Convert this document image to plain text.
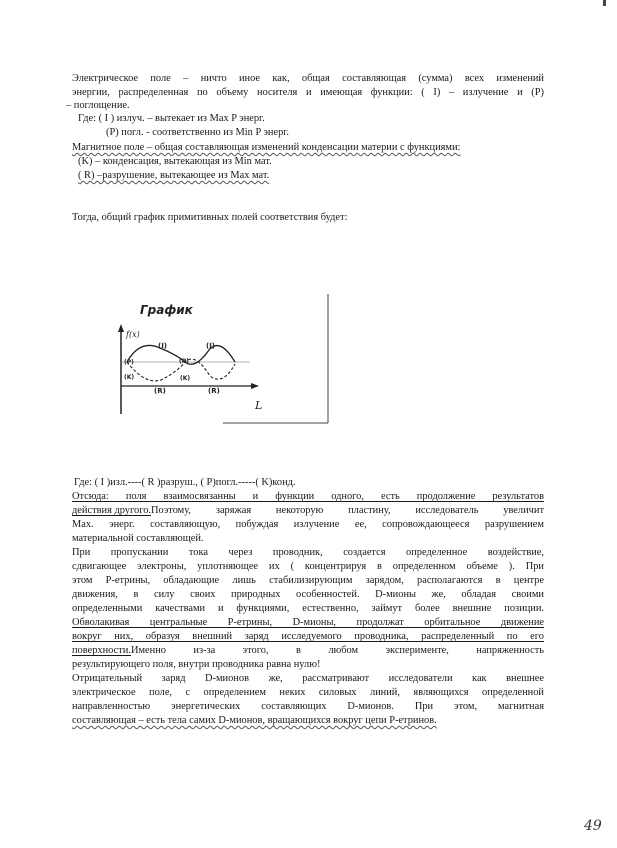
Электрическое поле – ничто иное как, общая составляющая (сумма) всех изменений
энергии, распределенная по объему носителя и имеющая функции: ( I) – излучение и (P)
– поглощение.
Где: ( I ) излуч. – вытекает из Max P энерг.
(P) погл. - соответственно из Min P энерг.
Магнитное поле – общая составляющая изменений конденсации материи с функциями:
(K) – конденсация, вытекающая из Min мат.
( R) –разрушение, вытекающее из Max мат.
Тогда, общий график примитивных полей соответствия будет:
График
f(x)
L
(I)	(I)
(P)	(P)
(K)	(K)
(R)	(R)
Где: ( I )изл.----( R )разруш., ( P)погл.-----( K)конд.
Отсюда: поля взаимосвязанны и функции одного, есть продолжение результатов
действия другого. Поэтому, заряжая некоторую пластину, исследователь увеличит
Max. энерг. составляющую, побуждая излучение ее, сопровождающееся разрушением
материальной составляющей.
При пропускании тока через проводник, создается определенное воздействие,
сдвигающее электроны, уплотняющее их ( концентрируя в определенном объеме ). При
этом P-етрины, обладающие лишь стабилизирующим зарядом, располагаются в центре
движения, в силу своих природных особенностей. D-мионы же, обладая своими
определенными качествами и функциями, естественно, займут более внешние позиции.
Обволакивая центральные P-етрины, D-мионы, продолжат орбитальное движение
вокруг них, образуя внешний заряд исследуемого проводника, распределенный по его
поверхности. Именно из-за этого, в любом эксперименте, напряженность
результирующего поля, внутри проводника равна нулю!
Отрицательный заряд D-мионов же, рассматривают исследователи как внешнее
электрическое поле, с определением неких силовых линий, являющихся определенной
направленностью энергетических составляющих D-мионов. При этом, магнитная
составляющая – есть тела самих D-мионов, вращающихся вокруг цепи P-етринов.
49
